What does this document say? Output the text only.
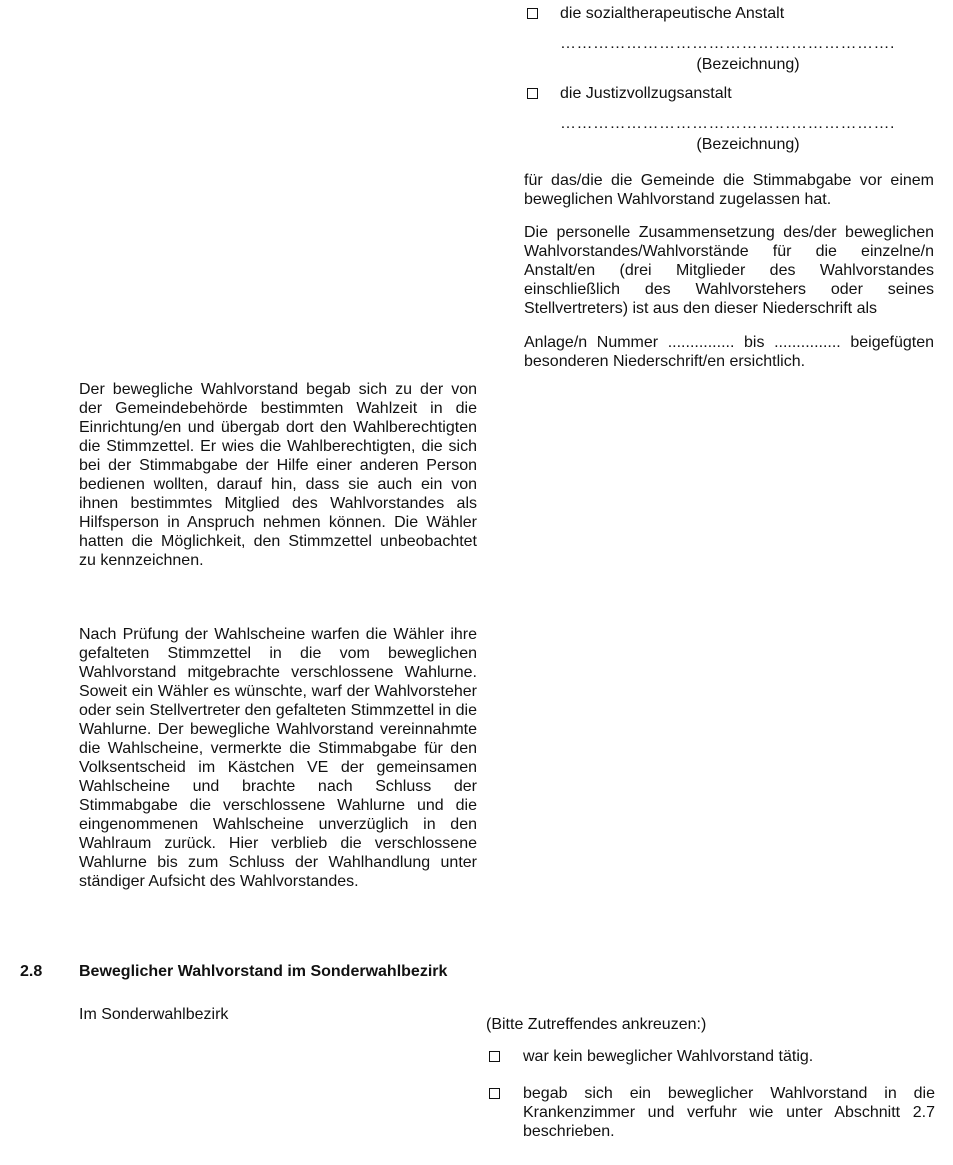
die sozialtherapeutische Anstalt
…………………………………………………….
(Bezeichnung)
die Justizvollzugsanstalt
…………………………………………………….
(Bezeichnung)

für das/die die Gemeinde die Stimmabgabe vor einem beweglichen Wahlvorstand zugelassen hat.

Die personelle Zusammensetzung des/der beweglichen Wahlvorstandes/Wahlvorstände für die einzelne/n Anstalt/en (drei Mitglieder des Wahlvorstandes einschließlich des Wahlvorstehers oder seines Stellvertreters) ist aus den dieser Niederschrift als

Anlage/n Nummer ............... bis ............... beigefügten besonderen Niederschrift/en ersichtlich.

Der bewegliche Wahlvorstand begab sich zu der von der Gemeindebehörde bestimmten Wahlzeit in die Einrichtung/en und übergab dort den Wahlberechtigten die Stimmzettel. Er wies die Wahlberechtigten, die sich bei der Stimmabgabe der Hilfe einer anderen Person bedienen wollten, darauf hin, dass sie auch ein von ihnen bestimmtes Mitglied des Wahlvorstandes als Hilfsperson in Anspruch nehmen können. Die Wähler hatten die Möglichkeit, den Stimmzettel unbeobachtet zu kennzeichnen.

Nach Prüfung der Wahlscheine warfen die Wähler ihre gefalteten Stimmzettel in die vom beweglichen Wahlvorstand mitgebrachte verschlossene Wahlurne. Soweit ein Wähler es wünschte, warf der Wahlvorsteher oder sein Stellvertreter den gefalteten Stimmzettel in die Wahlurne. Der bewegliche Wahlvorstand vereinnahmte die Wahlscheine, vermerkte die Stimmabgabe für den Volksentscheid im Kästchen VE der gemeinsamen Wahlscheine und brachte nach Schluss der Stimmabgabe die verschlossene Wahlurne und die eingenommenen Wahlscheine unverzüglich in den Wahlraum zurück. Hier verblieb die verschlossene Wahlurne bis zum Schluss der Wahlhandlung unter ständiger Aufsicht des Wahlvorstandes.

2.8 Beweglicher Wahlvorstand im Sonderwahlbezirk
Im Sonderwahlbezirk
(Bitte Zutreffendes ankreuzen:)
war kein beweglicher Wahlvorstand tätig.
begab sich ein beweglicher Wahlvorstand in die Krankenzimmer und verfuhr wie unter Abschnitt 2.7 beschrieben.
